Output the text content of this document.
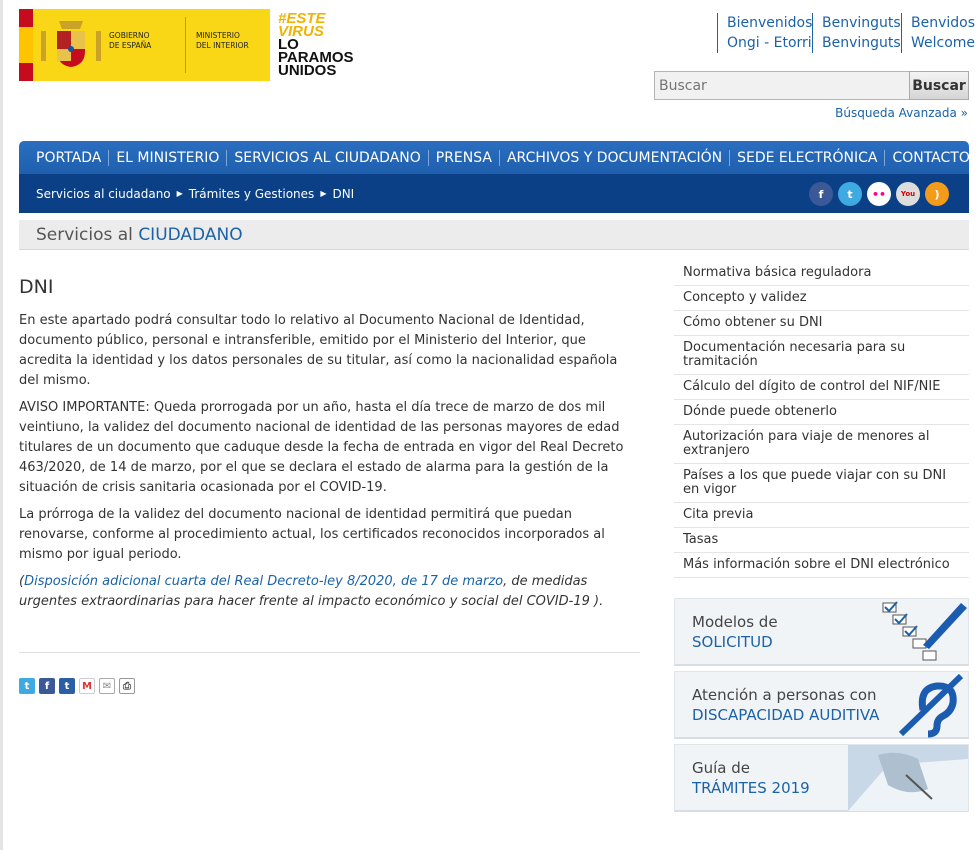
GOBIERNO
DE ESPAÑA
MINISTERIO
DEL INTERIOR
#ESTE
VIRUS
LO
PARAMOS
UNIDOS
Bienvenidos
Ongi - Etorri
Benvinguts
Benvinguts
Benvidos
Welcome
Buscar
Buscar
Búsqueda Avanzada »
PORTADA	EL MINISTERIO	SERVICIOS AL CIUDADANO	PRENSA	ARCHIVOS Y DOCUMENTACIÓN	SEDE ELECTRÓNICA	CONTACTO
Servicios al ciudadano ▶ Trámites y Gestiones ▶ DNI	f	t	••	You	)
Servicios al CIUDADANO
DNI

En este apartado podrá consultar todo lo relativo al Documento Nacional de Identidad, documento público, personal e intransferible, emitido por el Ministerio del Interior, que acredita la identidad y los datos personales de su titular, así como la nacionalidad española del mismo.

AVISO IMPORTANTE: Queda prorrogada por un año, hasta el día trece de marzo de dos mil veintiuno, la validez del documento nacional de identidad de las personas mayores de edad titulares de un documento que caduque desde la fecha de entrada en vigor del Real Decreto 463/2020, de 14 de marzo, por el que se declara el estado de alarma para la gestión de la situación de crisis sanitaria ocasionada por el COVID-19.

La prórroga de la validez del documento nacional de identidad permitirá que puedan renovarse, conforme al procedimiento actual, los certificados reconocidos incorporados al mismo por igual periodo.

(Disposición adicional cuarta del Real Decreto-ley 8/2020, de 17 de marzo, de medidas urgentes extraordinarias para hacer frente al impacto económico y social del COVID-19 ).

t	f	t	M	✉	⎙
Normativa básica reguladora
Concepto y validez
Cómo obtener su DNI
Documentación necesaria para su tramitación
Cálculo del dígito de control del NIF/NIE
Dónde puede obtenerlo
Autorización para viaje de menores al extranjero
Países a los que puede viajar con su DNI en vigor
Cita previa
Tasas
Más información sobre el DNI electrónico
Modelos de
SOLICITUD
Atención a personas con
DISCAPACIDAD AUDITIVA
Guía de
TRÁMITES 2019
